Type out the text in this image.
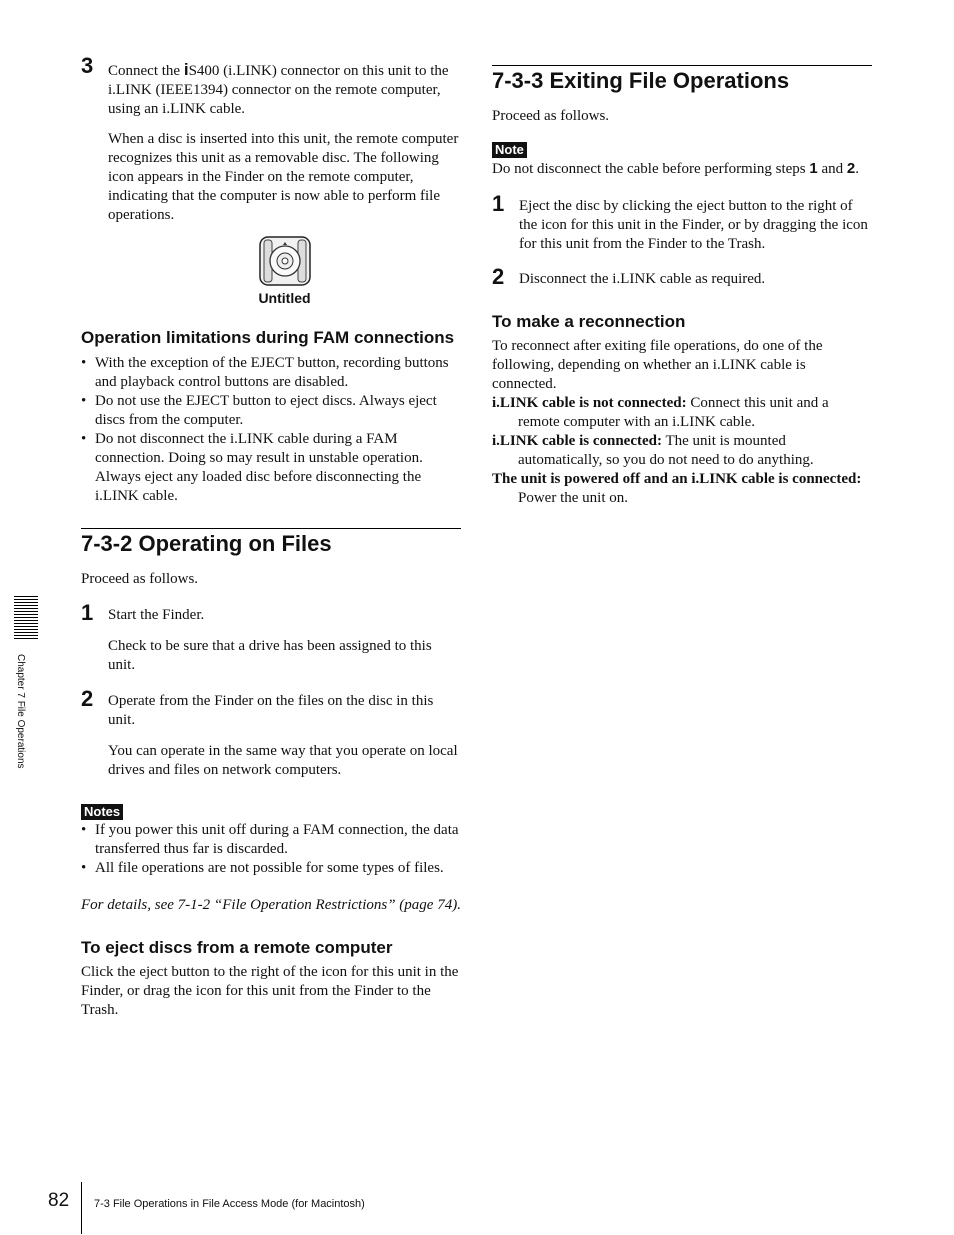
3 Connect the iS400 (i.LINK) connector on this unit to the i.LINK (IEEE1394) connector on the remote computer, using an i.LINK cable.

When a disc is inserted into this unit, the remote computer recognizes this unit as a removable disc. The following icon appears in the Finder on the remote computer, indicating that the computer is now able to perform file operations.

Untitled
Operation limitations during FAM connections
• With the exception of the EJECT button, recording buttons and playback control buttons are disabled.
• Do not use the EJECT button to eject discs. Always eject discs from the computer.
• Do not disconnect the i.LINK cable during a FAM connection. Doing so may result in unstable operation. Always eject any loaded disc before disconnecting the i.LINK cable.
7-3-2 Operating on Files

Proceed as follows.

1 Start the Finder.

Check to be sure that a drive has been assigned to this unit.

2 Operate from the Finder on the files on the disc in this unit.

You can operate in the same way that you operate on local drives and files on network computers.

Notes
• If you power this unit off during a FAM connection, the data transferred thus far is discarded.
• All file operations are not possible for some types of files.

For details, see 7-1-2 “File Operation Restrictions” (page 74).

To eject discs from a remote computer

Click the eject button to the right of the icon for this unit in the Finder, or drag the icon for this unit from the Finder to the Trash.

7-3-3 Exiting File Operations

Proceed as follows.

Note

Do not disconnect the cable before performing steps 1 and 2.

1 Eject the disc by clicking the eject button to the right of the icon for this unit in the Finder, or by dragging the icon for this unit from the Finder to the Trash.

2 Disconnect the i.LINK cable as required.

To make a reconnection

To reconnect after exiting file operations, do one of the following, depending on whether an i.LINK cable is connected.

i.LINK cable is not connected: Connect this unit and a remote computer with an i.LINK cable.

i.LINK cable is connected: The unit is mounted automatically, so you do not need to do anything.

The unit is powered off and an i.LINK cable is connected: Power the unit on.

Chapter 7 File Operations
82 7-3 File Operations in File Access Mode (for Macintosh)
